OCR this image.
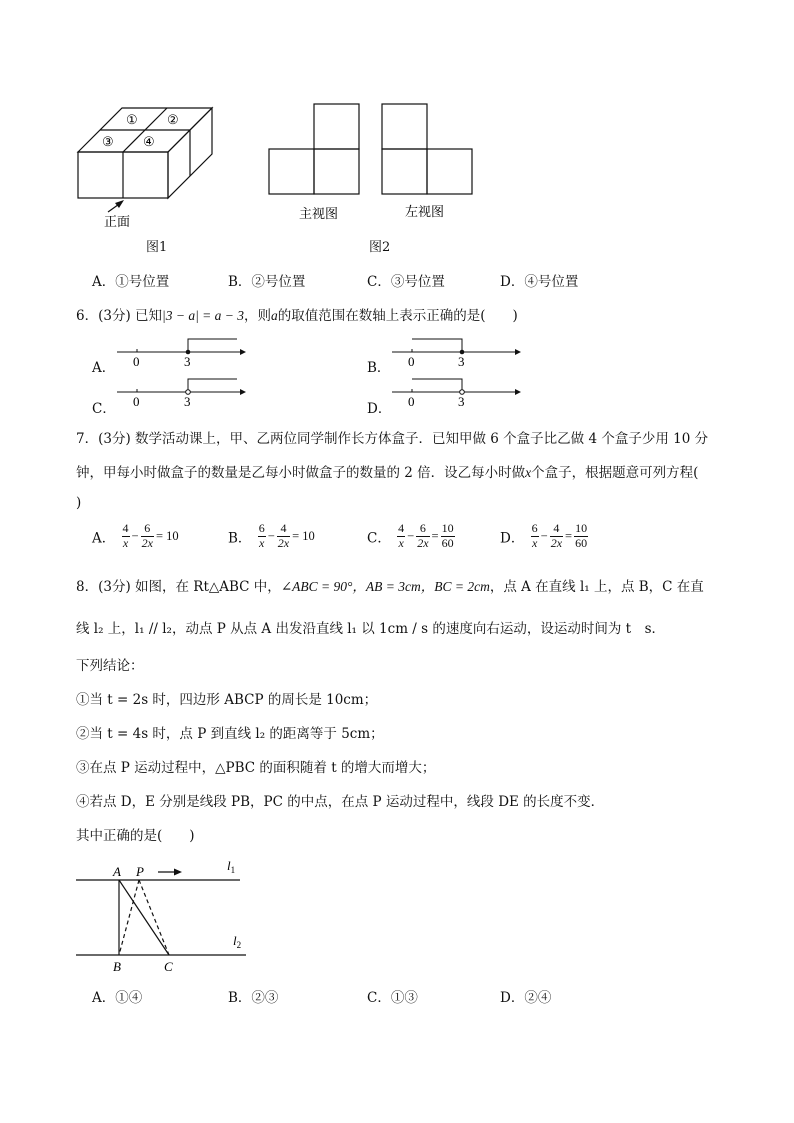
① ②
③ ④
正面
图1
主视图	左视图
图2
A．①号位置	B．②号位置	C．③号位置	D．④号位置
6．(3分) 已知|3 − a| = a − 3，则a的取值范围在数轴上表示正确的是(　　)
A． 0	3	B． 0	3
C． 0	3	D． 0	3
7．(3分) 数学活动课上，甲、乙两位同学制作长方体盒子．已知甲做 6 个盒子比乙做 4 个盒子少用 10 分
钟，甲每小时做盒子的数量是乙每小时做盒子的数量的 2 倍．设乙每小时做x个盒子，根据题意可列方程(
)
A． $\frac{4}{x} - \frac{6}{2x} = 10$	B． $\frac{6}{x} - \frac{4}{2x} = 10$	C． $\frac{4}{x} - \frac{6}{2x} = \frac{10}{60}$	D． $\frac{6}{x} - \frac{4}{2x} = \frac{10}{60}$
8．(3分) 如图，在 Rt△ABC 中，∠ABC = 90°，AB = 3cm，BC = 2cm，点 A 在直线 l₁ 上，点 B，C 在直
线 l₂ 上，l₁ // l₂，动点 P 从点 A 出发沿直线 l₁ 以 1cm / s 的速度向右运动，设运动时间为 t　s．
下列结论：
①当 t = 2s 时，四边形 ABCP 的周长是 10cm；
②当 t = 4s 时，点 P 到直线 l₂ 的距离等于 5cm；
③在点 P 运动过程中，△PBC 的面积随着 t 的增大而增大；
④若点 D，E 分别是线段 PB，PC 的中点，在点 P 运动过程中，线段 DE 的长度不变．
其中正确的是(　　)
A P
B	C
$l_1$
$l_2$
A．①④	B．②③	C．①③	D．②④
